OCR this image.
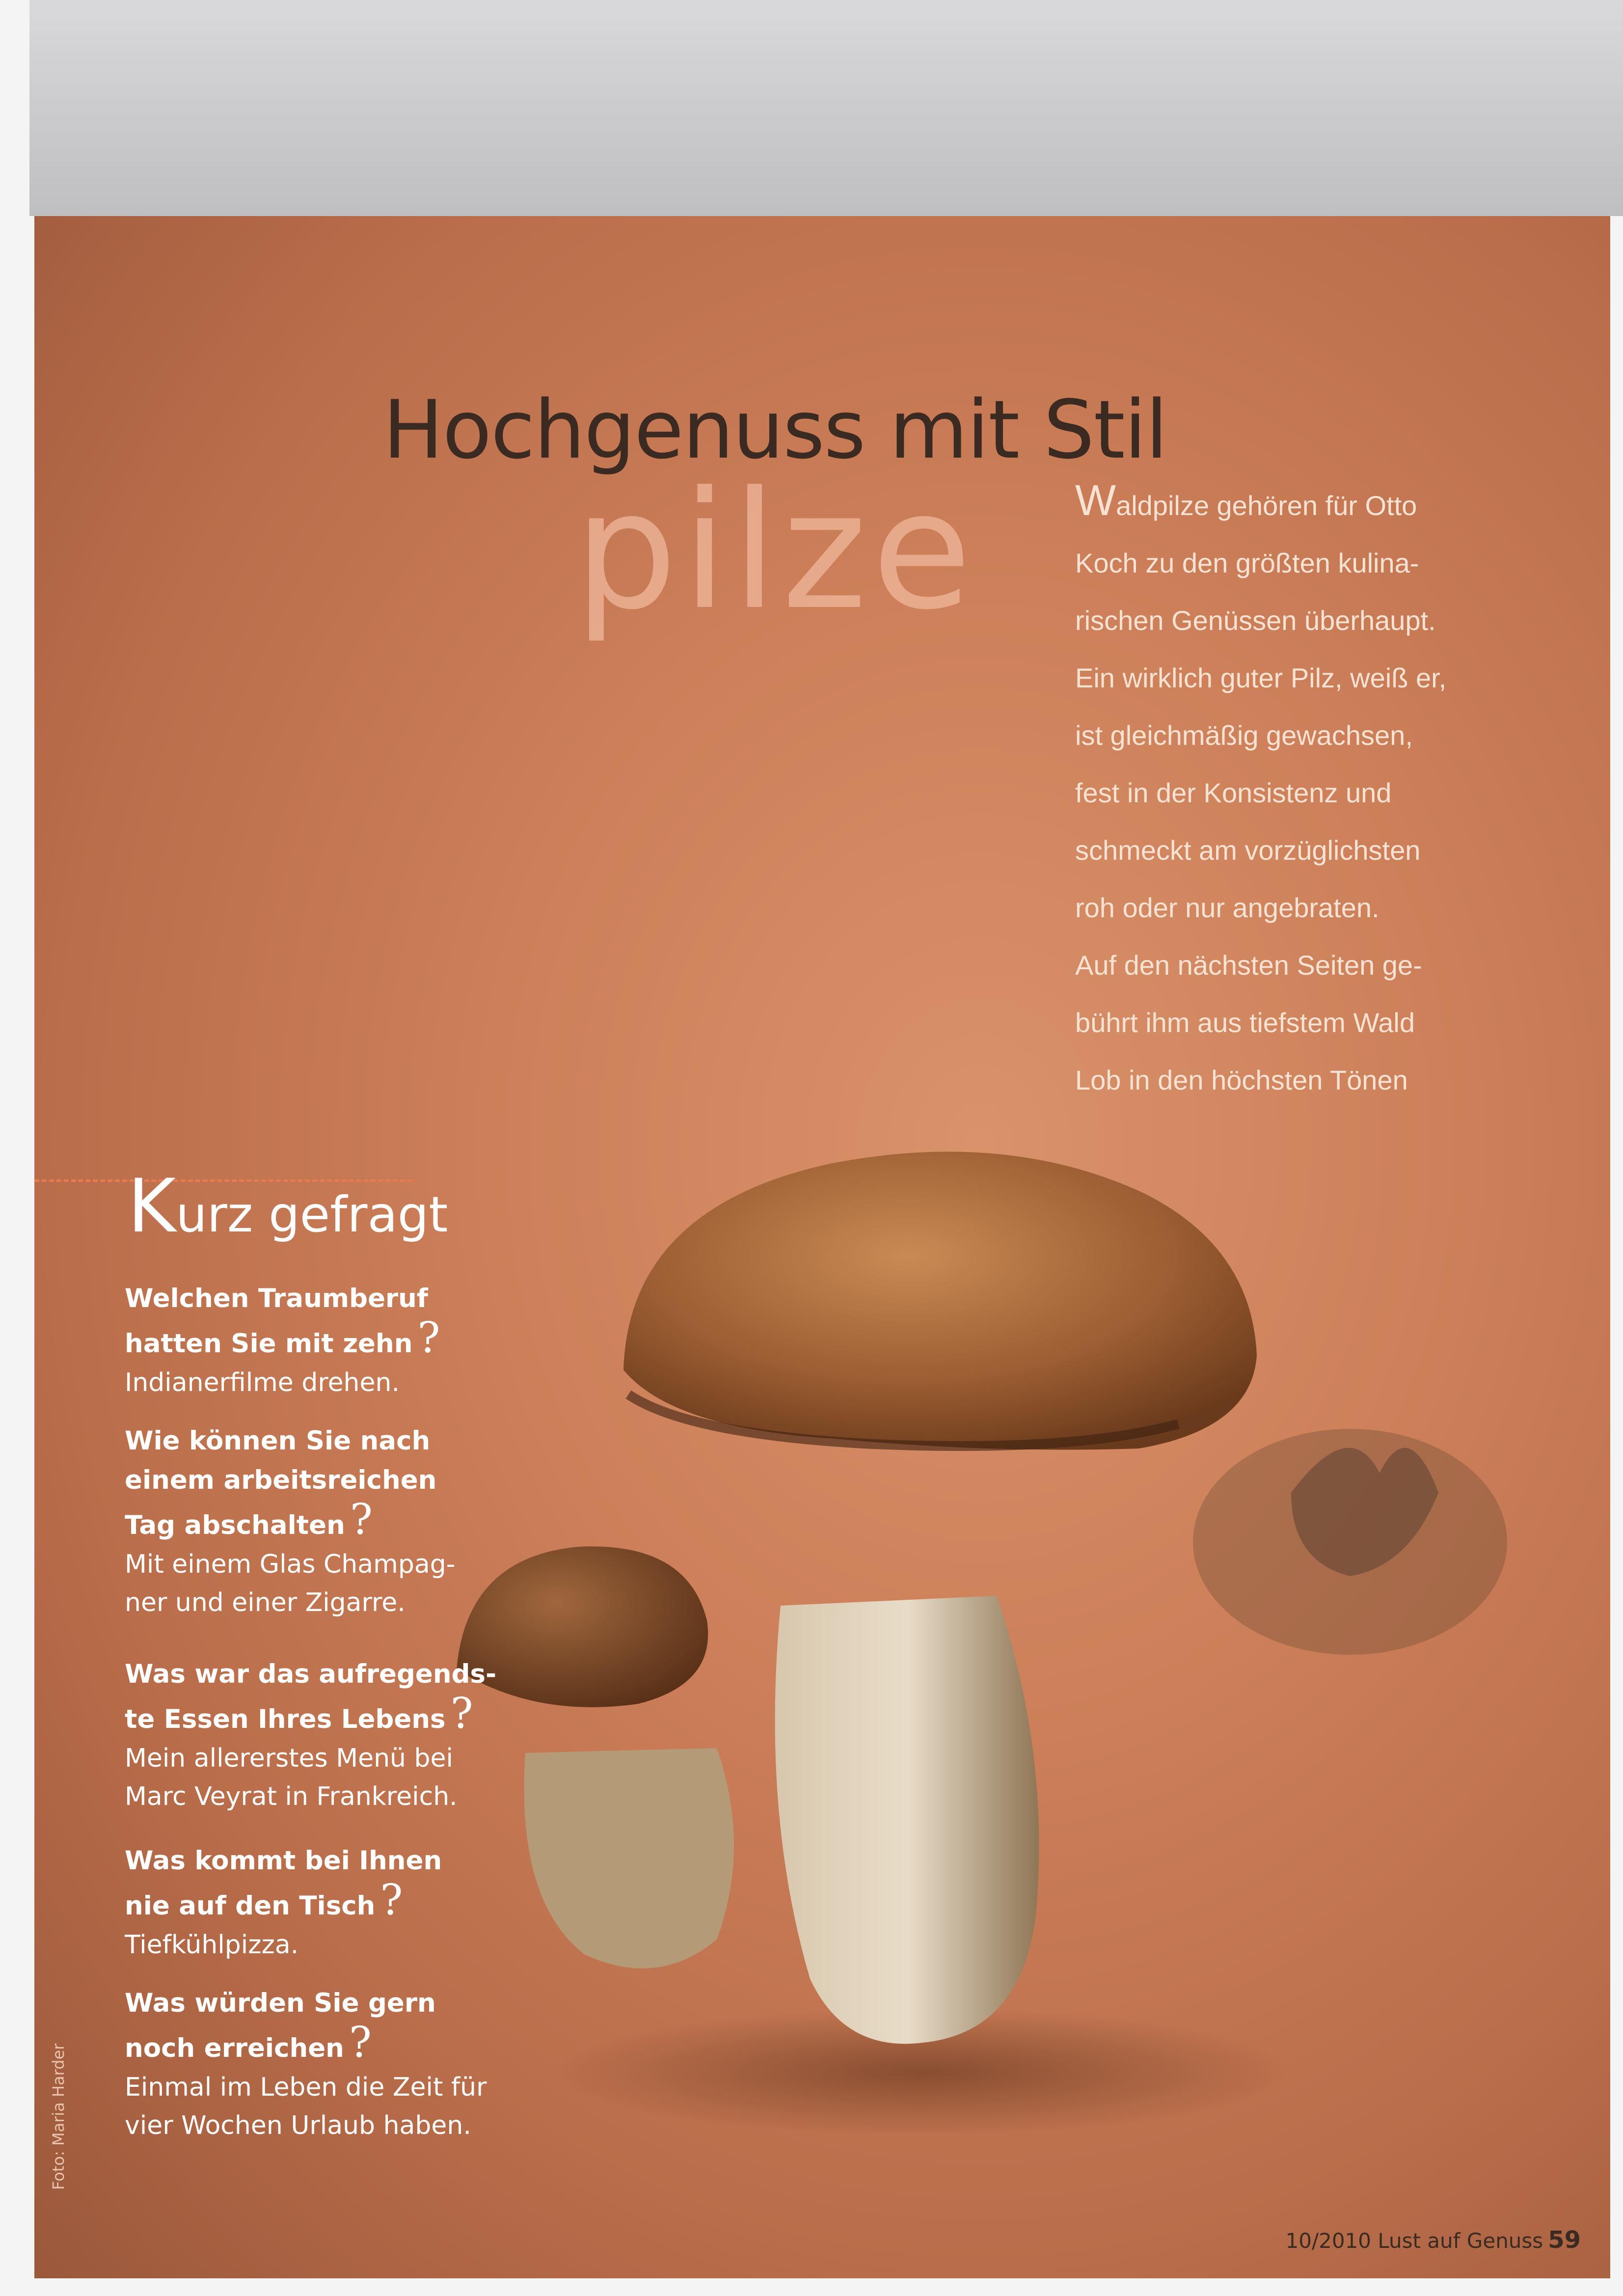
Hochgenuss mit Stil
pilze Waldpilze gehören für Otto
Koch zu den größten kulina-
rischen Genüssen überhaupt.
Ein wirklich guter Pilz, weiß er,
ist gleichmäßig gewachsen,
fest in der Konsistenz und
schmeckt am vorzüglichsten
roh oder nur angebraten.
Auf den nächsten Seiten ge-
bührt ihm aus tiefstem Wald
Lob in den höchsten Tönen

Kurz gefragt
Welchen Traumberuf
hatten Sie mit zehn ?
Indianerfilme drehen.
Wie können Sie nach
einem arbeitsreichen
Tag abschalten ?
Mit einem Glas Champag-
ner und einer Zigarre.
Was war das aufregends-
te Essen Ihres Lebens ?
Mein allererstes Menü bei
Marc Veyrat in Frankreich.
Was kommt bei Ihnen
nie auf den Tisch ?
Tiefkühlpizza.
Was würden Sie gern
noch erreichen ?
Einmal im Leben die Zeit für
vier Wochen Urlaub haben.
Foto: Maria Harder
10/2010 Lust auf Genuss 59
